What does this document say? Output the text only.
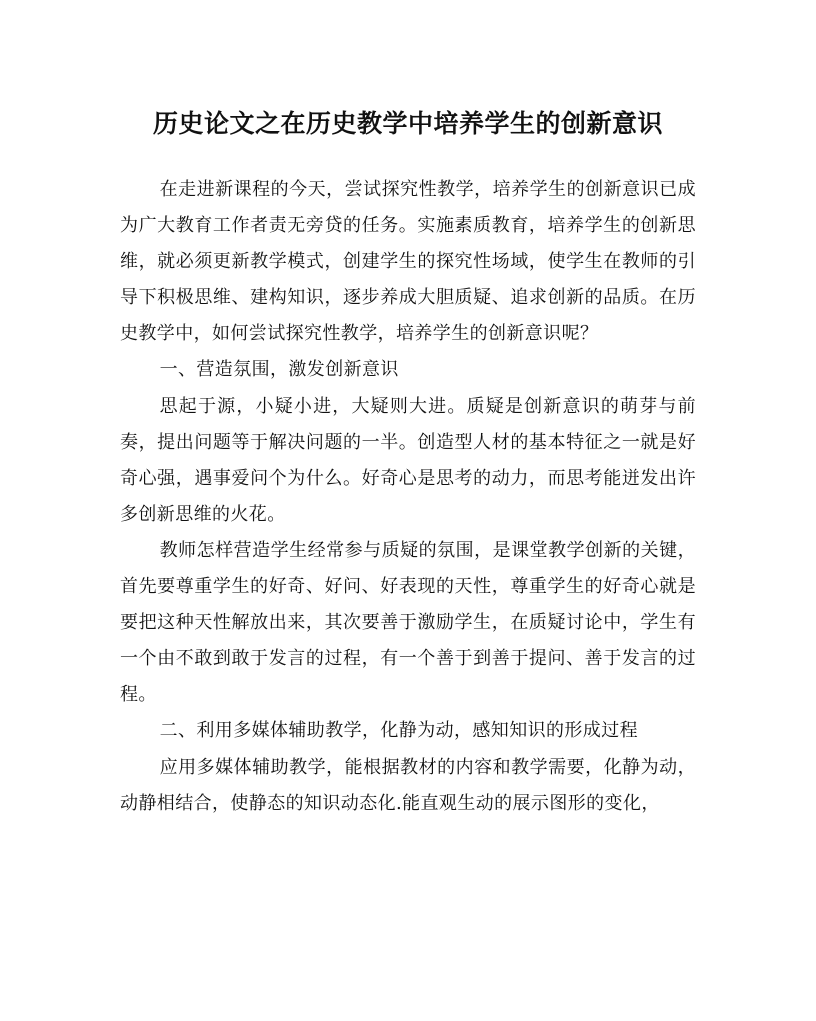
历史论文之在历史教学中培养学生的创新意识

在走进新课程的今天，尝试探究性教学，培养学生的创新意识已成为广大教育工作者责无旁贷的任务。实施素质教育，培养学生的创新思维，就必须更新教学模式，创建学生的探究性场域，使学生在教师的引导下积极思维、建构知识，逐步养成大胆质疑、追求创新的品质。在历史教学中，如何尝试探究性教学，培养学生的创新意识呢？

一、营造氛围，激发创新意识

思起于源，小疑小进，大疑则大进。质疑是创新意识的萌芽与前奏，提出问题等于解决问题的一半。创造型人材的基本特征之一就是好奇心强，遇事爱问个为什么。好奇心是思考的动力，而思考能迸发出许多创新思维的火花。

教师怎样营造学生经常参与质疑的氛围，是课堂教学创新的关键，首先要尊重学生的好奇、好问、好表现的天性，尊重学生的好奇心就是要把这种天性解放出来，其次要善于激励学生，在质疑讨论中，学生有一个由不敢到敢于发言的过程，有一个善于到善于提问、善于发言的过程。

二、利用多媒体辅助教学，化静为动，感知知识的形成过程

应用多媒体辅助教学，能根据教材的内容和教学需要，化静为动，动静相结合，使静态的知识动态化.能直观生动的展示图形的变化，
